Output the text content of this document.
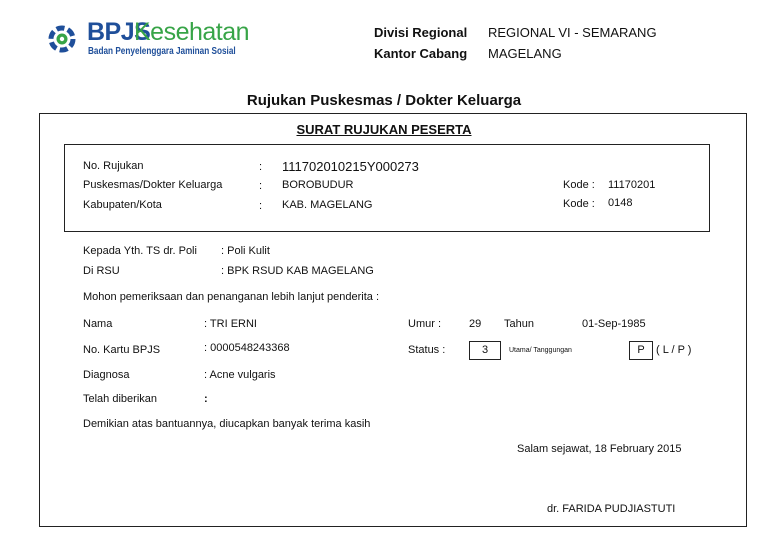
BPJS
Kesehatan
Badan Penyelenggara Jaminan Sosial
Divisi Regional REGIONAL VI - SEMARANG
Kantor Cabang MAGELANG
Rujukan Puskesmas / Dokter Keluarga
SURAT RUJUKAN PESERTA
No. Rujukan	: 111702010215Y000273
Puskesmas/Dokter Keluarga	: BOROBUDUR
Kabupaten/Kota	: KAB. MAGELANG
Kode : 11170201
Kode : 0148
Kepada Yth. TS dr. Poli : Poli Kulit
Di RSU	: BPK RSUD KAB MAGELANG
Mohon pemeriksaan dan penanganan lebih lanjut penderita :
Nama	: TRI ERNI
No. Kartu BPJS	: 0000548243368
Diagnosa	: Acne vulgaris
Telah diberikan	:
Umur :	29 Tahun	01-Sep-1985
Status :	3	Utama/ Tanggungan	P	( L / P )
Demikian atas bantuannya, diucapkan banyak terima kasih
Salam sejawat, 18 February 2015
dr. FARIDA PUDJIASTUTI
